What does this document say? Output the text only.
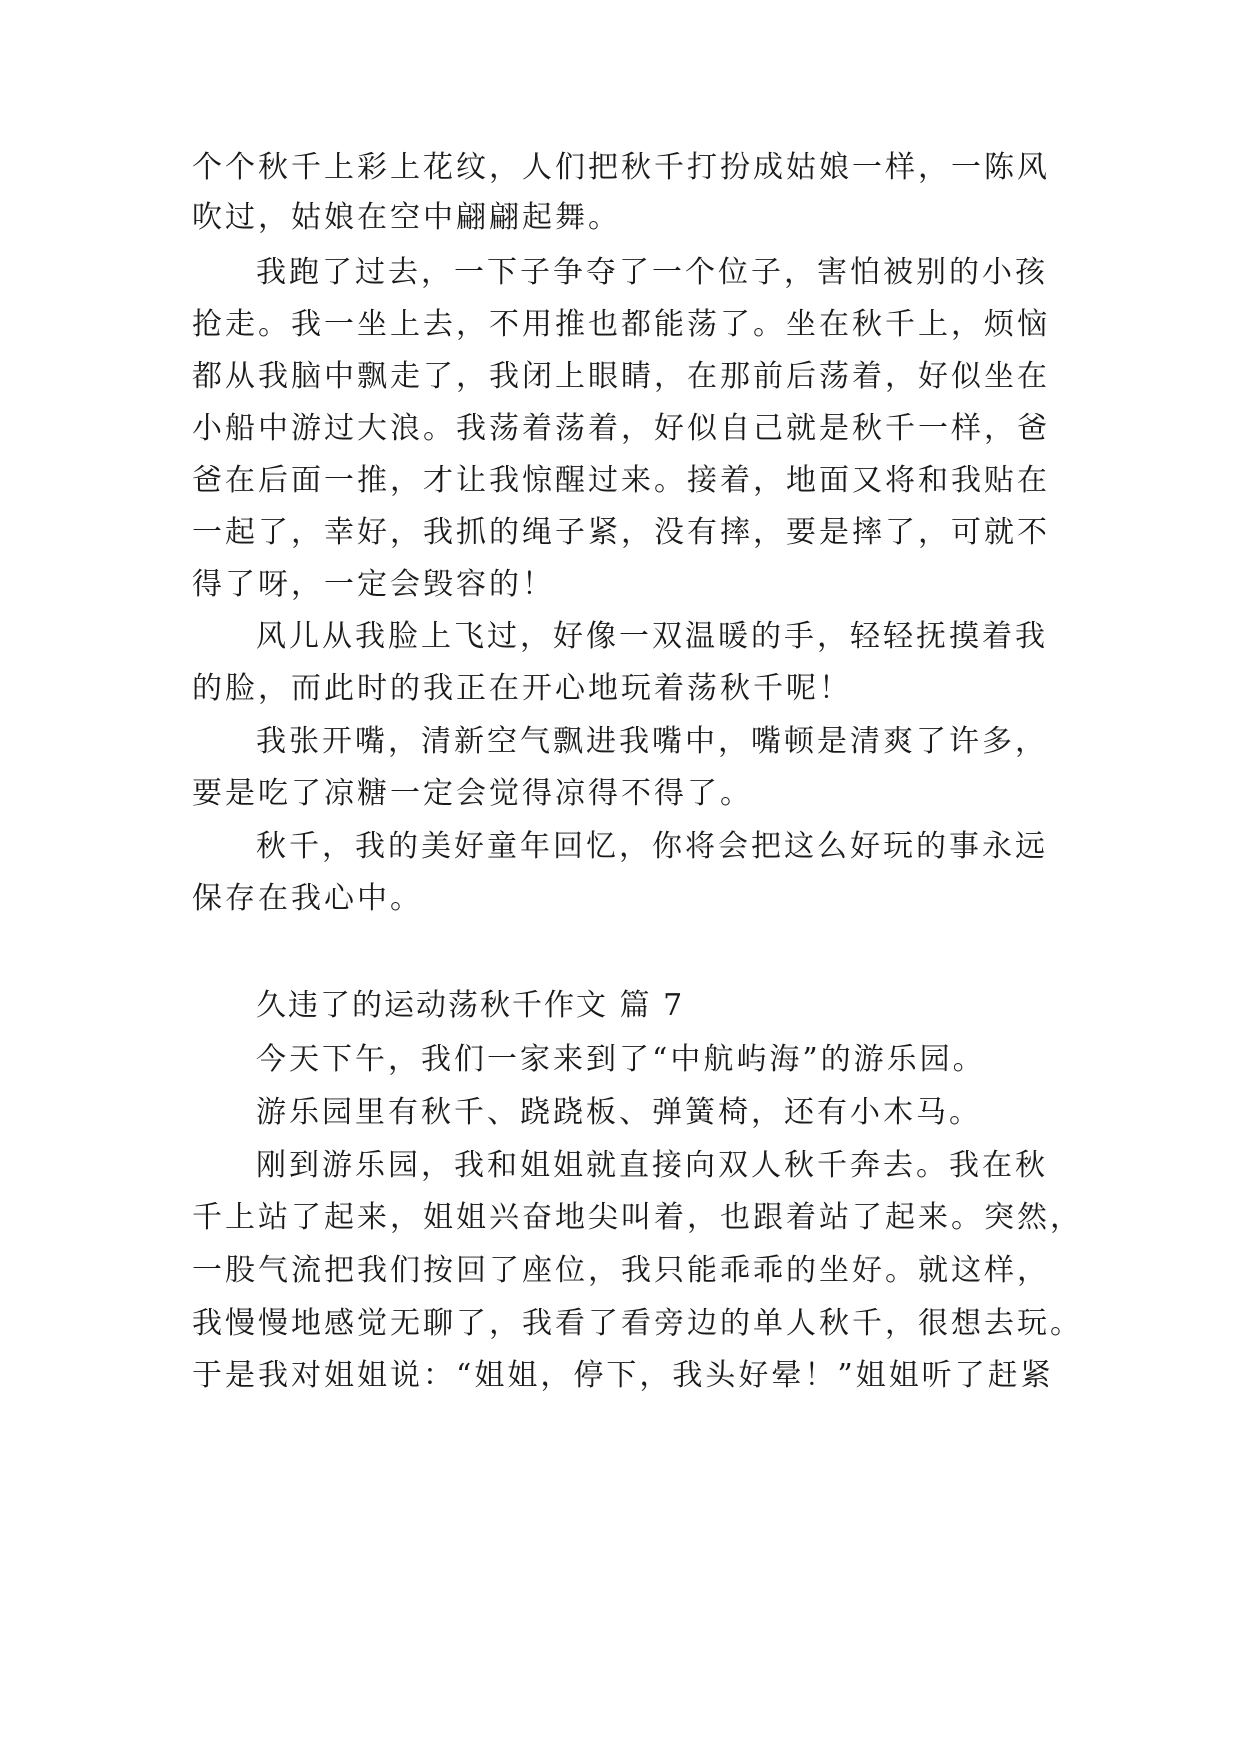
个个秋千上彩上花纹，人们把秋千打扮成姑娘一样，一陈风
吹过，姑娘在空中翩翩起舞。
我跑了过去，一下子争夺了一个位子，害怕被别的小孩
抢走。我一坐上去，不用推也都能荡了。坐在秋千上，烦恼
都从我脑中飘走了，我闭上眼睛，在那前后荡着，好似坐在
小船中游过大浪。我荡着荡着，好似自己就是秋千一样，爸
爸在后面一推，才让我惊醒过来。接着，地面又将和我贴在
一起了，幸好，我抓的绳子紧，没有摔，要是摔了，可就不
得了呀，一定会毁容的！
风儿从我脸上飞过，好像一双温暖的手，轻轻抚摸着我
的脸，而此时的我正在开心地玩着荡秋千呢！
我张开嘴，清新空气飘进我嘴中，嘴顿是清爽了许多，
要是吃了凉糖一定会觉得凉得不得了。
秋千，我的美好童年回忆，你将会把这么好玩的事永远
保存在我心中。
久违了的运动荡秋千作文 篇 7
今天下午，我们一家来到了“中航屿海”的游乐园。
游乐园里有秋千、跷跷板、弹簧椅，还有小木马。
刚到游乐园，我和姐姐就直接向双人秋千奔去。我在秋
千上站了起来，姐姐兴奋地尖叫着，也跟着站了起来。突然，
一股气流把我们按回了座位，我只能乖乖的坐好。就这样，
我慢慢地感觉无聊了，我看了看旁边的单人秋千，很想去玩。
于是我对姐姐说：“姐姐，停下，我头好晕！”姐姐听了赶紧
